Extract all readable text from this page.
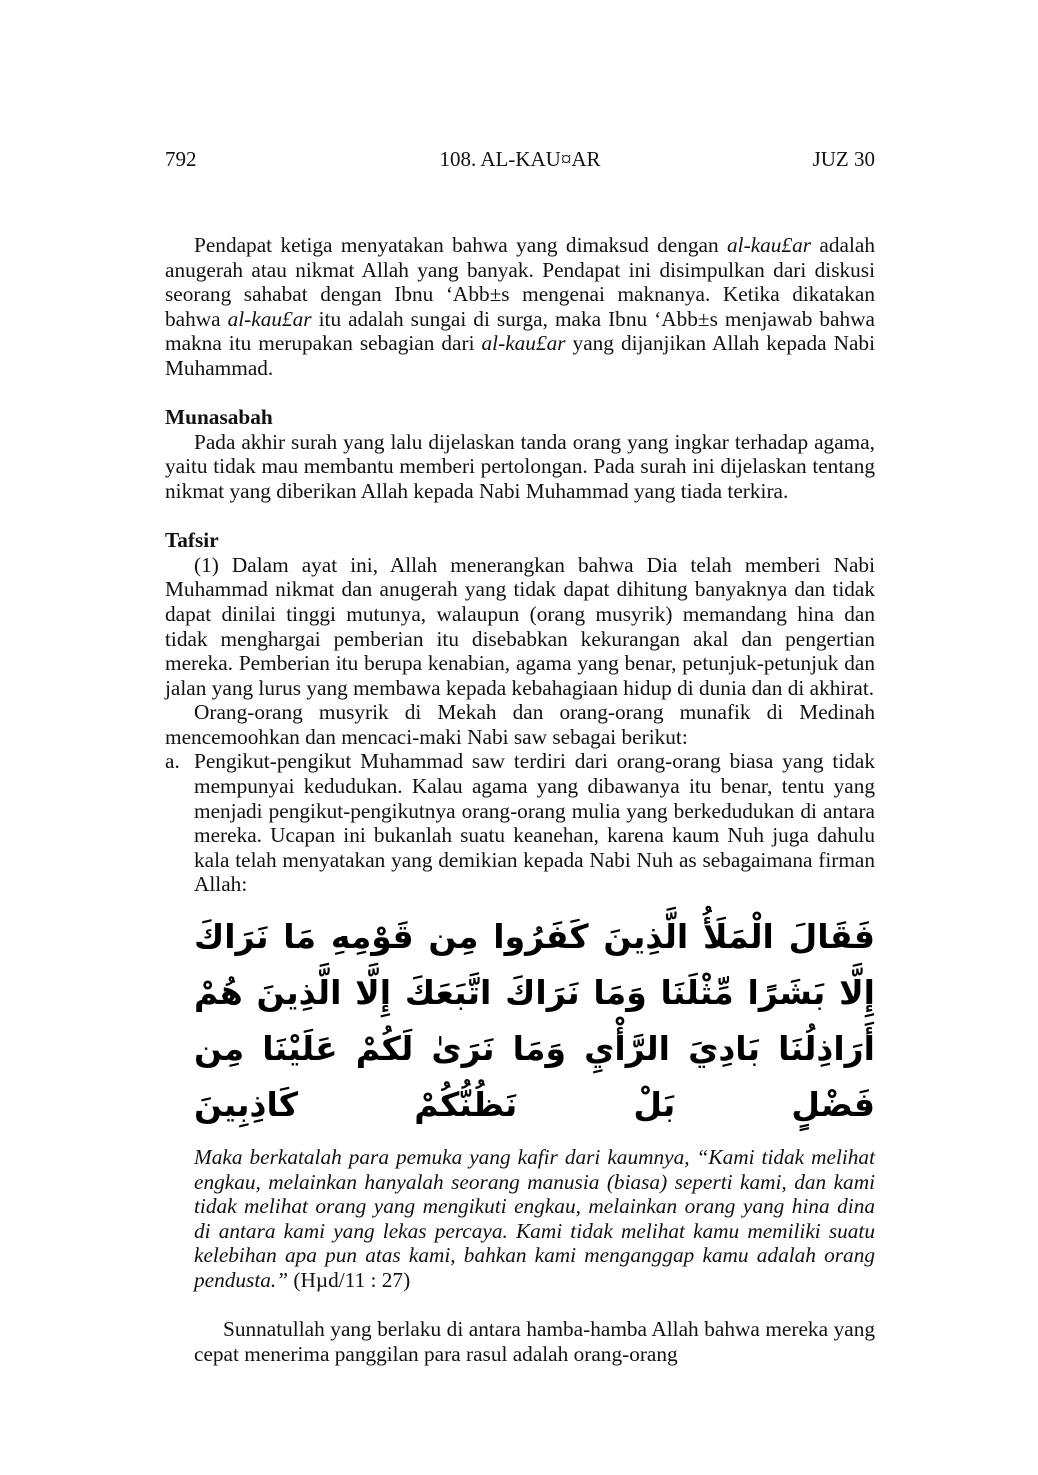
792	108. AL-KAU¤AR	JUZ 30

Pendapat ketiga menyatakan bahwa yang dimaksud dengan al-kau£ar adalah anugerah atau nikmat Allah yang banyak. Pendapat ini disimpulkan dari diskusi seorang sahabat dengan Ibnu ‘Abb±s mengenai maknanya. Ketika dikatakan bahwa al-kau£ar itu adalah sungai di surga, maka Ibnu ‘Abb±s menjawab bahwa makna itu merupakan sebagian dari al-kau£ar yang dijanjikan Allah kepada Nabi Muhammad.

Munasabah

Pada akhir surah yang lalu dijelaskan tanda orang yang ingkar terhadap agama, yaitu tidak mau membantu memberi pertolongan. Pada surah ini dijelaskan tentang nikmat yang diberikan Allah kepada Nabi Muhammad yang tiada terkira.

Tafsir

(1) Dalam ayat ini, Allah menerangkan bahwa Dia telah memberi Nabi Muhammad nikmat dan anugerah yang tidak dapat dihitung banyaknya dan tidak dapat dinilai tinggi mutunya, walaupun (orang musyrik) memandang hina dan tidak menghargai pemberian itu disebabkan kekurangan akal dan pengertian mereka. Pemberian itu berupa kenabian, agama yang benar, petunjuk-petunjuk dan jalan yang lurus yang membawa kepada kebahagiaan hidup di dunia dan di akhirat.

Orang-orang musyrik di Mekah dan orang-orang munafik di Medinah mencemoohkan dan mencaci-maki Nabi saw sebagai berikut:

a. Pengikut-pengikut Muhammad saw terdiri dari orang-orang biasa yang tidak mempunyai kedudukan. Kalau agama yang dibawanya itu benar, tentu yang menjadi pengikut-pengikutnya orang-orang mulia yang berkedudukan di antara mereka. Ucapan ini bukanlah suatu keanehan, karena kaum Nuh juga dahulu kala telah menyatakan yang demikian kepada Nabi Nuh as sebagaimana firman Allah:
فَقَالَ الْمَلَأُ الَّذِينَ كَفَرُوا مِن قَوْمِهِ مَا نَرَاكَ إِلَّا بَشَرًا مِّثْلَنَا وَمَا نَرَاكَ اتَّبَعَكَ إِلَّا الَّذِينَ هُمْ أَرَاذِلُنَا بَادِيَ الرَّأْيِ وَمَا نَرَىٰ لَكُمْ عَلَيْنَا مِن فَضْلٍ بَلْ نَظُنُّكُمْ كَاذِبِينَ

Maka berkatalah para pemuka yang kafir dari kaumnya, “Kami tidak melihat engkau, melainkan hanyalah seorang manusia (biasa) seperti kami, dan kami tidak melihat orang yang mengikuti engkau, melainkan orang yang hina dina di antara kami yang lekas percaya. Kami tidak melihat kamu memiliki suatu kelebihan apa pun atas kami, bahkan kami menganggap kamu adalah orang pendusta.” (Hµd/11 : 27)

Sunnatullah yang berlaku di antara hamba-hamba Allah bahwa mereka yang cepat menerima panggilan para rasul adalah orang-orang
